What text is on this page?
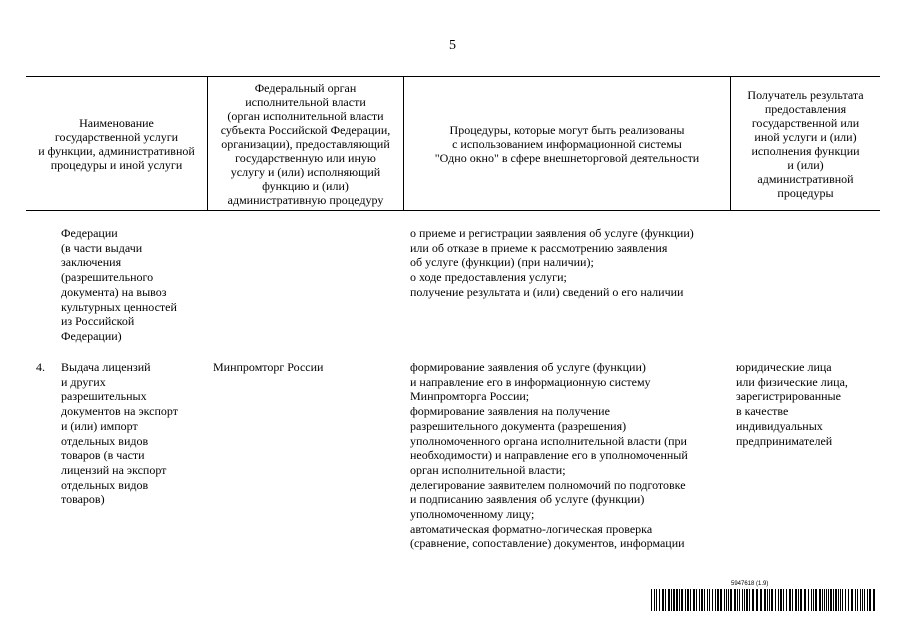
5
Наименование
государственной услуги
и функции, административной
процедуры и иной услуги
Федеральный орган
исполнительной власти
(орган исполнительной власти
субъекта Российской Федерации,
организации), предоставляющий
государственную или иную
услугу и (или) исполняющий
функцию и (или)
административную процедуру
Процедуры, которые могут быть реализованы
с использованием информационной системы
"Одно окно" в сфере внешнеторговой деятельности
Получатель результата
предоставления
государственной или
иной услуги и (или)
исполнения функции
и (или)
административной
процедуры
Федерации
(в части выдачи
заключения
(разрешительного
документа) на вывоз
культурных ценностей
из Российской
Федерации)
о приеме и регистрации заявления об услуге (функции)
или об отказе в приеме к рассмотрению заявления
об услуге (функции) (при наличии);
о ходе предоставления услуги;
получение результата и (или) сведений о его наличии
4. Выдача лицензий
и других
разрешительных
документов на экспорт
и (или) импорт
отдельных видов
товаров (в части
лицензий на экспорт
отдельных видов
товаров)
Минпромторг России	формирование заявления об услуге (функции)
и направление его в информационную систему
Минпромторга России;
формирование заявления на получение
разрешительного документа (разрешения)
уполномоченного органа исполнительной власти (при
необходимости) и направление его в уполномоченный
орган исполнительной власти;
делегирование заявителем полномочий по подготовке
и подписанию заявления об услуге (функции)
уполномоченному лицу;
автоматическая форматно-логическая проверка
(сравнение, сопоставление) документов, информации
юридические лица
или физические лица,
зарегистрированные
в качестве
индивидуальных
предпринимателей
5947618 (1.9)
